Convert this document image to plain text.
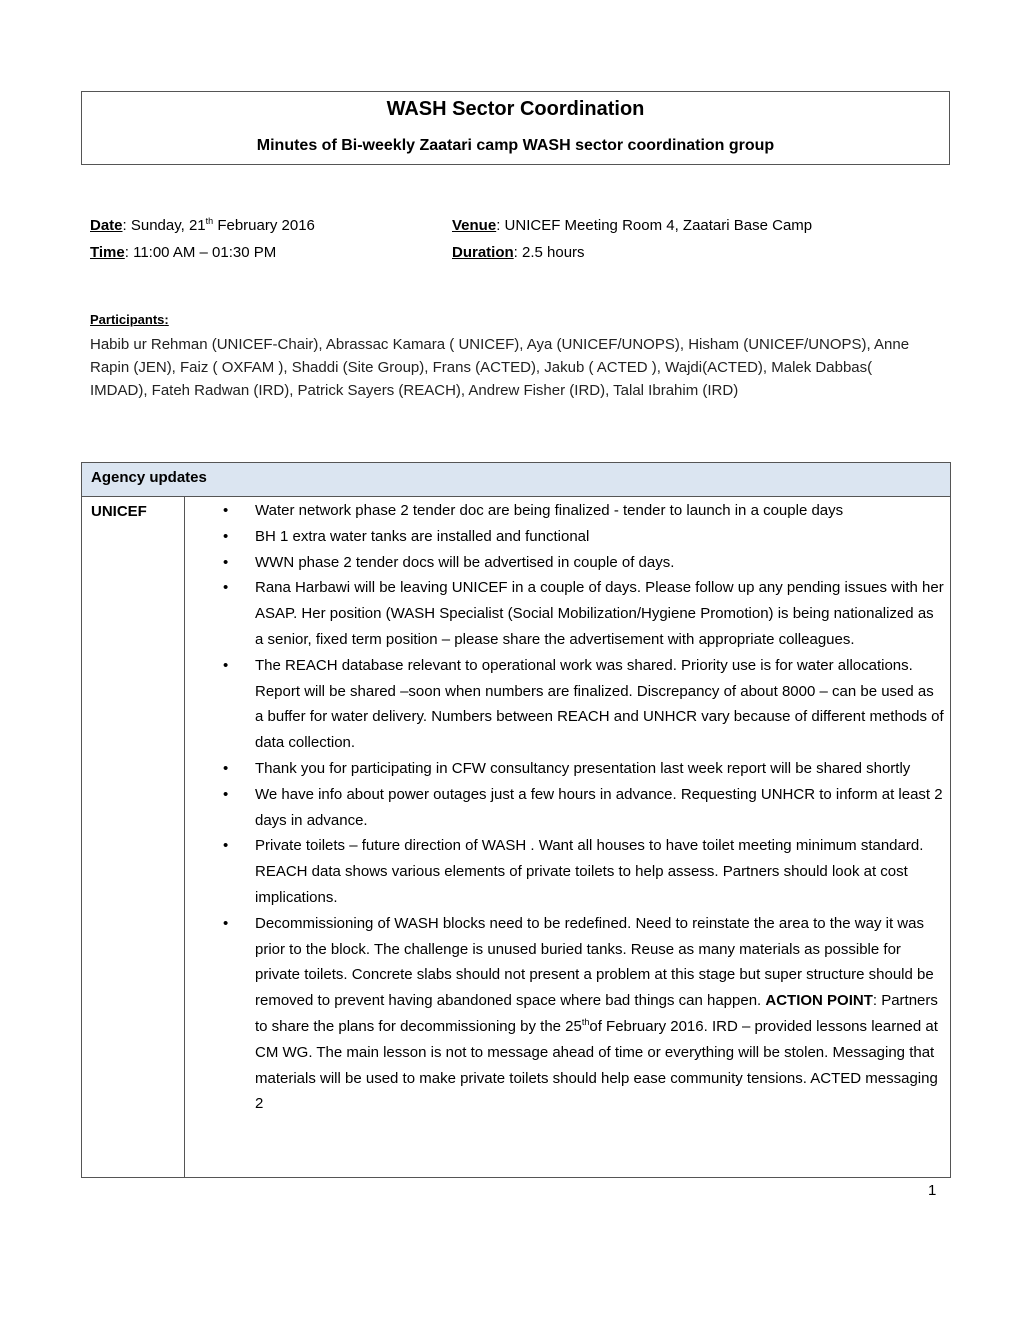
WASH Sector Coordination
Minutes of Bi-weekly Zaatari camp WASH sector coordination group
Date: Sunday, 21th February 2016
Time: 11:00 AM – 01:30 PM
Venue: UNICEF Meeting Room 4, Zaatari Base Camp
Duration: 2.5 hours
Participants:
Habib ur Rehman (UNICEF-Chair), Abrassac Kamara ( UNICEF), Aya (UNICEF/UNOPS), Hisham (UNICEF/UNOPS), Anne Rapin (JEN), Faiz ( OXFAM ), Shaddi (Site Group), Frans (ACTED), Jakub ( ACTED ), Wajdi(ACTED), Malek Dabbas( IMDAD), Fateh Radwan (IRD), Patrick Sayers (REACH), Andrew Fisher (IRD), Talal Ibrahim (IRD)
Agency updates
UNICEF
•	Water network phase 2 tender doc are being finalized - tender to launch in a couple days
• BH 1 extra water tanks are installed and functional
• WWN phase 2 tender docs will be advertised in couple of days.
• Rana Harbawi will be leaving UNICEF in a couple of days. Please follow up any pending issues with her ASAP. Her position (WASH Specialist (Social Mobilization/Hygiene Promotion) is being nationalized as a senior, fixed term position – please share the advertisement with appropriate colleagues.
• The REACH database relevant to operational work was shared. Priority use is for water allocations. Report will be shared –soon when numbers are finalized. Discrepancy of about 8000 – can be used as a buffer for water delivery. Numbers between REACH and UNHCR vary because of different methods of data collection.
• Thank you for participating in CFW consultancy presentation last week report will be shared shortly
• We have info about power outages just a few hours in advance. Requesting UNHCR to inform at least 2 days in advance.
• Private toilets – future direction of WASH . Want all houses to have toilet meeting minimum standard. REACH data shows various elements of private toilets to help assess. Partners should look at cost implications.
• Decommissioning of WASH blocks need to be redefined. Need to reinstate the area to the way it was prior to the block. The challenge is unused buried tanks. Reuse as many materials as possible for private toilets. Concrete slabs should not present a problem at this stage but super structure should be removed to prevent having abandoned space where bad things can happen. ACTION POINT: Partners to share the plans for decommissioning by the 25thof February 2016. IRD – provided lessons learned at CM WG. The main lesson is not to message ahead of time or everything will be stolen. Messaging that materials will be used to make private toilets should help ease community tensions. ACTED messaging 2
1
